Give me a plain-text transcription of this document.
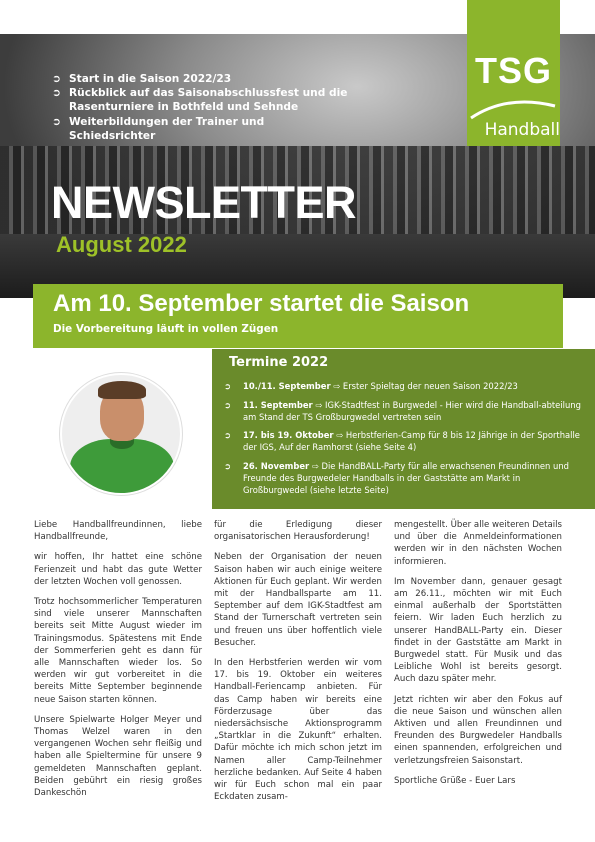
➲ Start in die Saison 2022/23
➲ Rückblick auf das Saisonabschlussfest und die Rasenturniere in Bothfeld und Sehnde
➲ Weiterbildungen der Trainer und Schiedsrichter
NEWSLETTER
August 2022
TSG
Handball
Am 10. September startet die Saison

Die Vorbereitung läuft in vollen Zügen

Termine 2022
➲ 10./11. September ⇨ Erster Spieltag der neuen Saison 2022/23
➲ 11. September ⇨ IGK-Stadtfest in Burgwedel - Hier wird die Handball-abteilung am Stand der TS Großburgwedel vertreten sein
➲ 17. bis 19. Oktober ⇨ Herbstferien-Camp für 8 bis 12 Jährige in der Sporthalle der IGS, Auf der Ramhorst (siehe Seite 4)
➲ 26. November ⇨ Die HandBALL-Party für alle erwachsenen Freundinnen und Freunde des Burgwedeler Handballs in der Gaststätte am Markt in Großburgwedel (siehe letzte Seite)

Liebe Handballfreundinnen, liebe Handballfreunde,

wir hoffen, Ihr hattet eine schöne Ferienzeit und habt das gute Wetter der letzten Wochen voll genossen.

Trotz hochsommerlicher Temperaturen sind viele unserer Mannschaften bereits seit Mitte August wieder im Trainingsmodus. Spätestens mit Ende der Sommerferien geht es dann für alle Mannschaften wieder los. So werden wir gut vorbereitet in die bereits Mitte September beginnende neue Saison starten können.

Unsere Spielwarte Holger Meyer und Thomas Welzel waren in den vergangenen Wochen sehr fleißig und haben alle Spieltermine für unsere 9 gemeldeten Mannschaften geplant. Beiden gebührt ein riesig großes Dankeschön

für die Erledigung dieser organisatorischen Herausforderung!

Neben der Organisation der neuen Saison haben wir auch einige weitere Aktionen für Euch geplant. Wir werden mit der Handballsparte am 11. September auf dem IGK-Stadtfest am Stand der Turnerschaft vertreten sein und freuen uns über hoffentlich viele Besucher.

In den Herbstferien werden wir vom 17. bis 19. Oktober ein weiteres Handball-Feriencamp anbieten. Für das Camp haben wir bereits eine Förderzusage über das niedersächsische Aktionsprogramm „Startklar in die Zukunft“ erhalten. Dafür möchte ich mich schon jetzt im Namen aller Camp-Teilnehmer herzliche bedanken. Auf Seite 4 haben wir für Euch schon mal ein paar Eckdaten zusam-

mengestellt. Über alle weiteren Details und über die Anmeldeinformationen werden wir in den nächsten Wochen informieren.

Im November dann, genauer gesagt am 26.11., möchten wir mit Euch einmal außerhalb der Sportstätten feiern. Wir laden Euch herzlich zu unserer HandBALL-Party ein. Dieser findet in der Gaststätte am Markt in Burgwedel statt. Für Musik und das Leibliche Wohl ist bereits gesorgt. Auch dazu später mehr.

Jetzt richten wir aber den Fokus auf die neue Saison und wünschen allen Aktiven und allen Freundinnen und Freunden des Burgwedeler Handballs einen spannenden, erfolgreichen und verletzungsfreien Saisonstart.

Sportliche Grüße - Euer Lars
